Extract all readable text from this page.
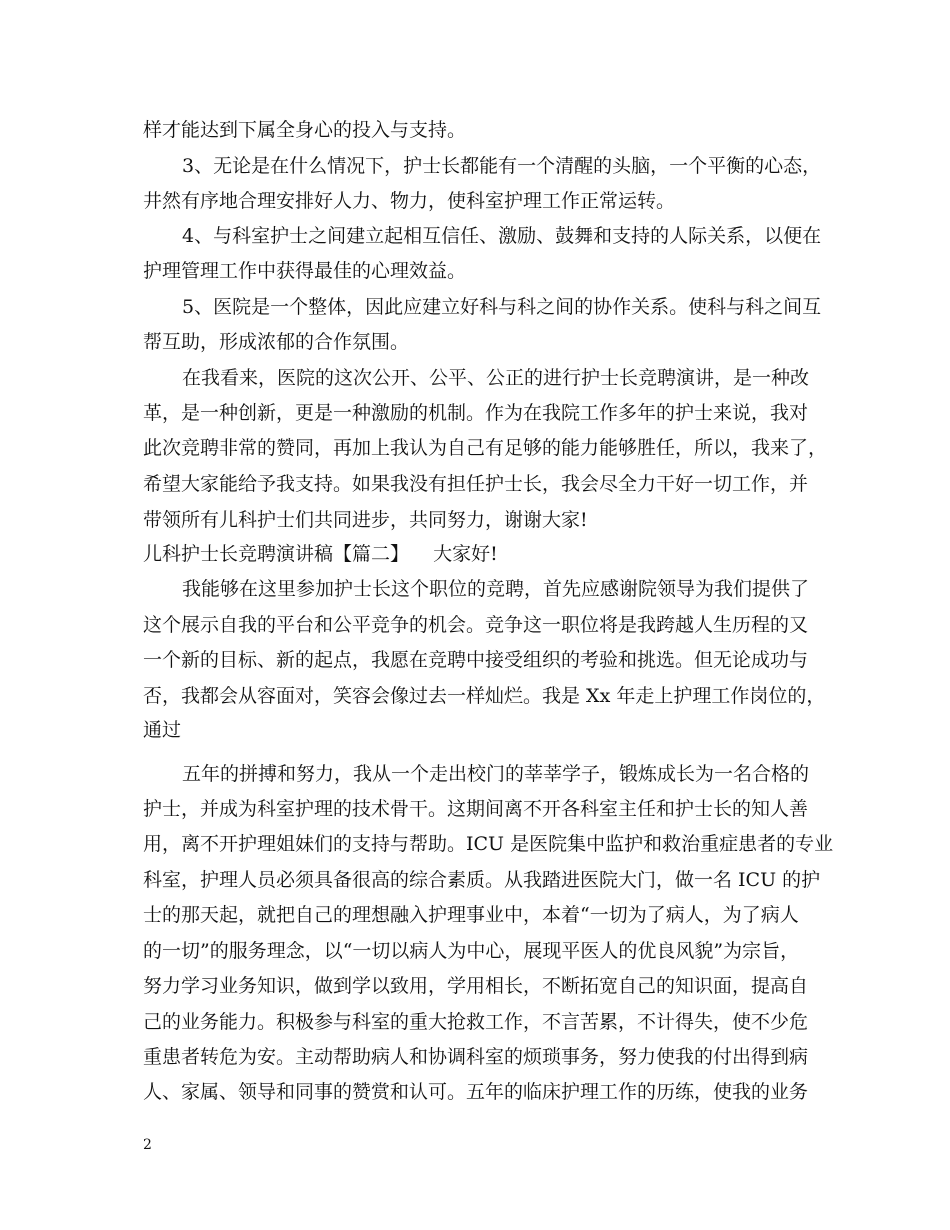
样才能达到下属全身心的投入与支持。
3、无论是在什么情况下，护士长都能有一个清醒的头脑，一个平衡的心态，
井然有序地合理安排好人力、物力，使科室护理工作正常运转。
4、与科室护士之间建立起相互信任、激励、鼓舞和支持的人际关系，以便在
护理管理工作中获得最佳的心理效益。
5、医院是一个整体，因此应建立好科与科之间的协作关系。使科与科之间互
帮互助，形成浓郁的合作氛围。
在我看来，医院的这次公开、公平、公正的进行护士长竞聘演讲，是一种改
革，是一种创新，更是一种激励的机制。作为在我院工作多年的护士来说，我对
此次竞聘非常的赞同，再加上我认为自己有足够的能力能够胜任，所以，我来了，
希望大家能给予我支持。如果我没有担任护士长，我会尽全力干好一切工作，并
带领所有儿科护士们共同进步，共同努力，谢谢大家!
儿科护士长竞聘演讲稿【篇二】    大家好!
我能够在这里参加护士长这个职位的竞聘，首先应感谢院领导为我们提供了
这个展示自我的平台和公平竞争的机会。竞争这一职位将是我跨越人生历程的又
一个新的目标、新的起点，我愿在竞聘中接受组织的考验和挑选。但无论成功与
否，我都会从容面对，笑容会像过去一样灿烂。我是 Xx 年走上护理工作岗位的，
通过
五年的拼搏和努力，我从一个走出校门的莘莘学子，锻炼成长为一名合格的
护士，并成为科室护理的技术骨干。这期间离不开各科室主任和护士长的知人善
用，离不开护理姐妹们的支持与帮助。ICU 是医院集中监护和救治重症患者的专业
科室，护理人员必须具备很高的综合素质。从我踏进医院大门，做一名 ICU 的护
士的那天起，就把自己的理想融入护理事业中，本着“一切为了病人，为了病人
的一切”的服务理念，以“一切以病人为中心，展现平医人的优良风貌”为宗旨，
努力学习业务知识，做到学以致用，学用相长，不断拓宽自己的知识面，提高自
己的业务能力。积极参与科室的重大抢救工作，不言苦累，不计得失，使不少危
重患者转危为安。主动帮助病人和协调科室的烦琐事务，努力使我的付出得到病
人、家属、领导和同事的赞赏和认可。五年的临床护理工作的历练，使我的业务
2
